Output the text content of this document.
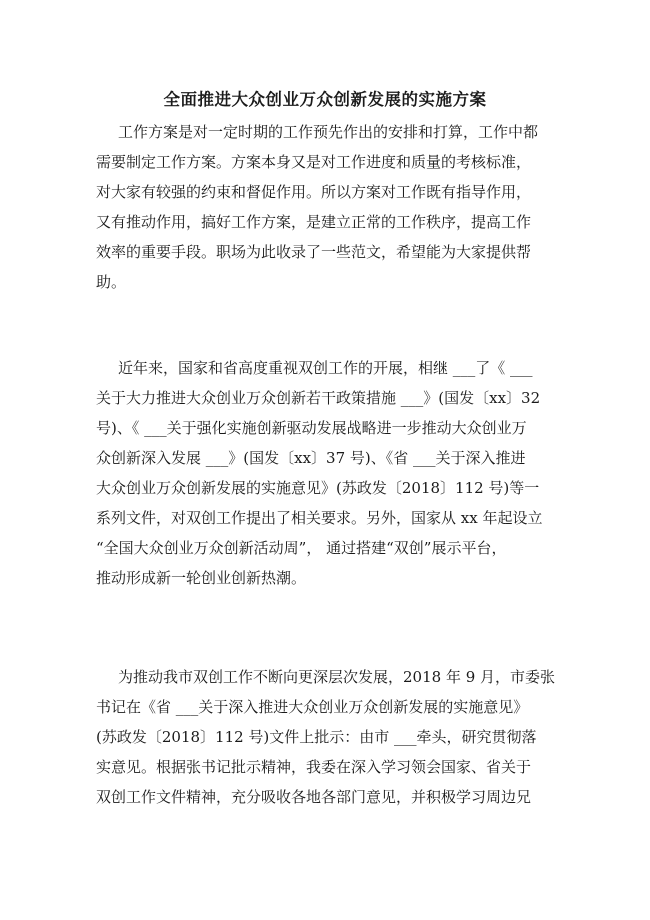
全面推进大众创业万众创新发展的实施方案
工作方案是对一定时期的工作预先作出的安排和打算，工作中都
需要制定工作方案。方案本身又是对工作进度和质量的考核标准，
对大家有较强的约束和督促作用。所以方案对工作既有指导作用，
又有推动作用，搞好工作方案，是建立正常的工作秩序，提高工作
效率的重要手段。职场为此收录了一些范文，希望能为大家提供帮
助。
近年来，国家和省高度重视双创工作的开展，相继 ___了《 ___
关于大力推进大众创业万众创新若干政策措施 ___》(国发〔xx〕32
号)、《 ___关于强化实施创新驱动发展战略进一步推动大众创业万
众创新深入发展 ___》(国发〔xx〕37 号)、《省 ___关于深入推进
大众创业万众创新发展的实施意见》(苏政发〔2018〕112 号)等一
系列文件，对双创工作提出了相关要求。另外，国家从 xx 年起设立
“全国大众创业万众创新活动周”， 通过搭建“双创”展示平台，
推动形成新一轮创业创新热潮。
为推动我市双创工作不断向更深层次发展，2018 年 9 月，市委张
书记在《省 ___关于深入推进大众创业万众创新发展的实施意见》
(苏政发〔2018〕112 号)文件上批示：由市 ___牵头，研究贯彻落
实意见。根据张书记批示精神，我委在深入学习领会国家、省关于
双创工作文件精神，充分吸收各地各部门意见，并积极学习周边兄
